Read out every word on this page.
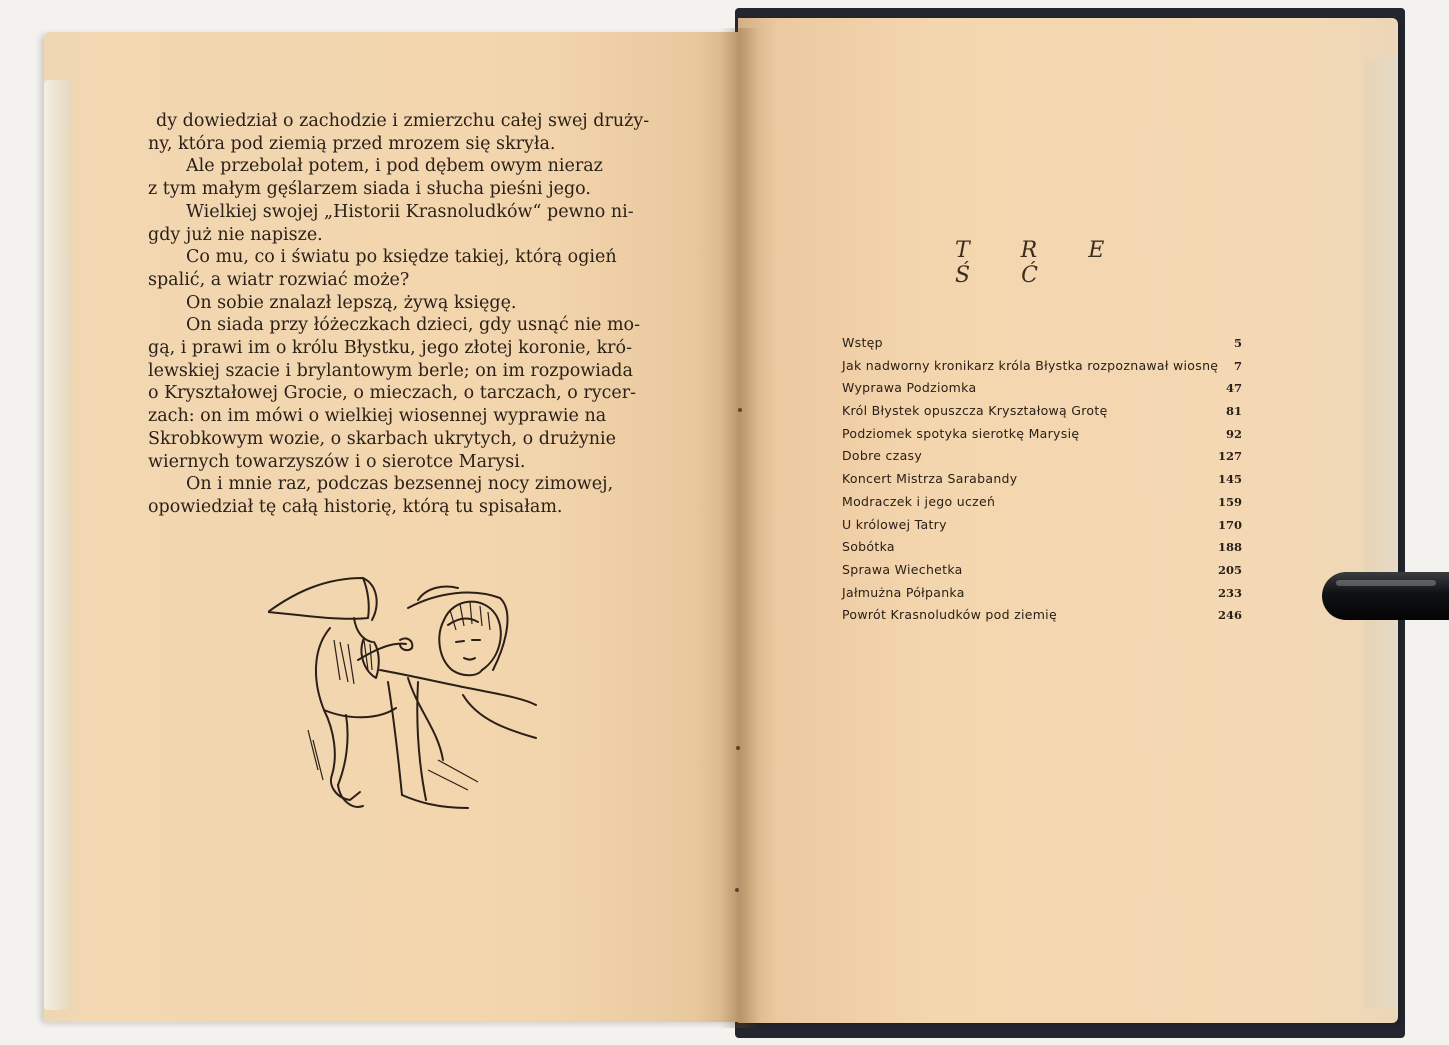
dy dowiedział o zachodzie i zmierzchu całej swej druży-
ny, która pod ziemią przed mrozem się skryła.
Ale przebolał potem, i pod dębem owym nieraz
z tym małym gęślarzem siada i słucha pieśni jego.
Wielkiej swojej „Historii Krasnoludków“ pewno ni-
gdy już nie napisze.
Co mu, co i światu po księdze takiej, którą ogień
spalić, a wiatr rozwiać może?
On sobie znalazł lepszą, żywą księgę.
On siada przy łóżeczkach dzieci, gdy usnąć nie mo-
gą, i prawi im o królu Błystku, jego złotej koronie, kró-
lewskiej szacie i brylantowym berle; on im rozpowiada
o Kryształowej Grocie, o mieczach, o tarczach, o rycer-
zach: on im mówi o wielkiej wiosennej wyprawie na
Skrobkowym wozie, o skarbach ukrytych, o drużynie
wiernych towarzyszów i o sierotce Marysi.
On i mnie raz, podczas bezsennej nocy zimowej,
opowiedział tę całą historię, którą tu spisałam.
T R E Ś Ć
Wstęp	5
Jak nadworny kronikarz króla Błystka rozpoznawał wiosnę 7
Wyprawa Podziomka	47
Król Błystek opuszcza Kryształową Grotę	81
Podziomek spotyka sierotkę Marysię	92
Dobre czasy	127
Koncert Mistrza Sarabandy	145
Modraczek i jego uczeń	159
U królowej Tatry	170
Sobótka	188
Sprawa Wiechetka	205
Jałmużna Półpanka	233
Powrót Krasnoludków pod ziemię	246
